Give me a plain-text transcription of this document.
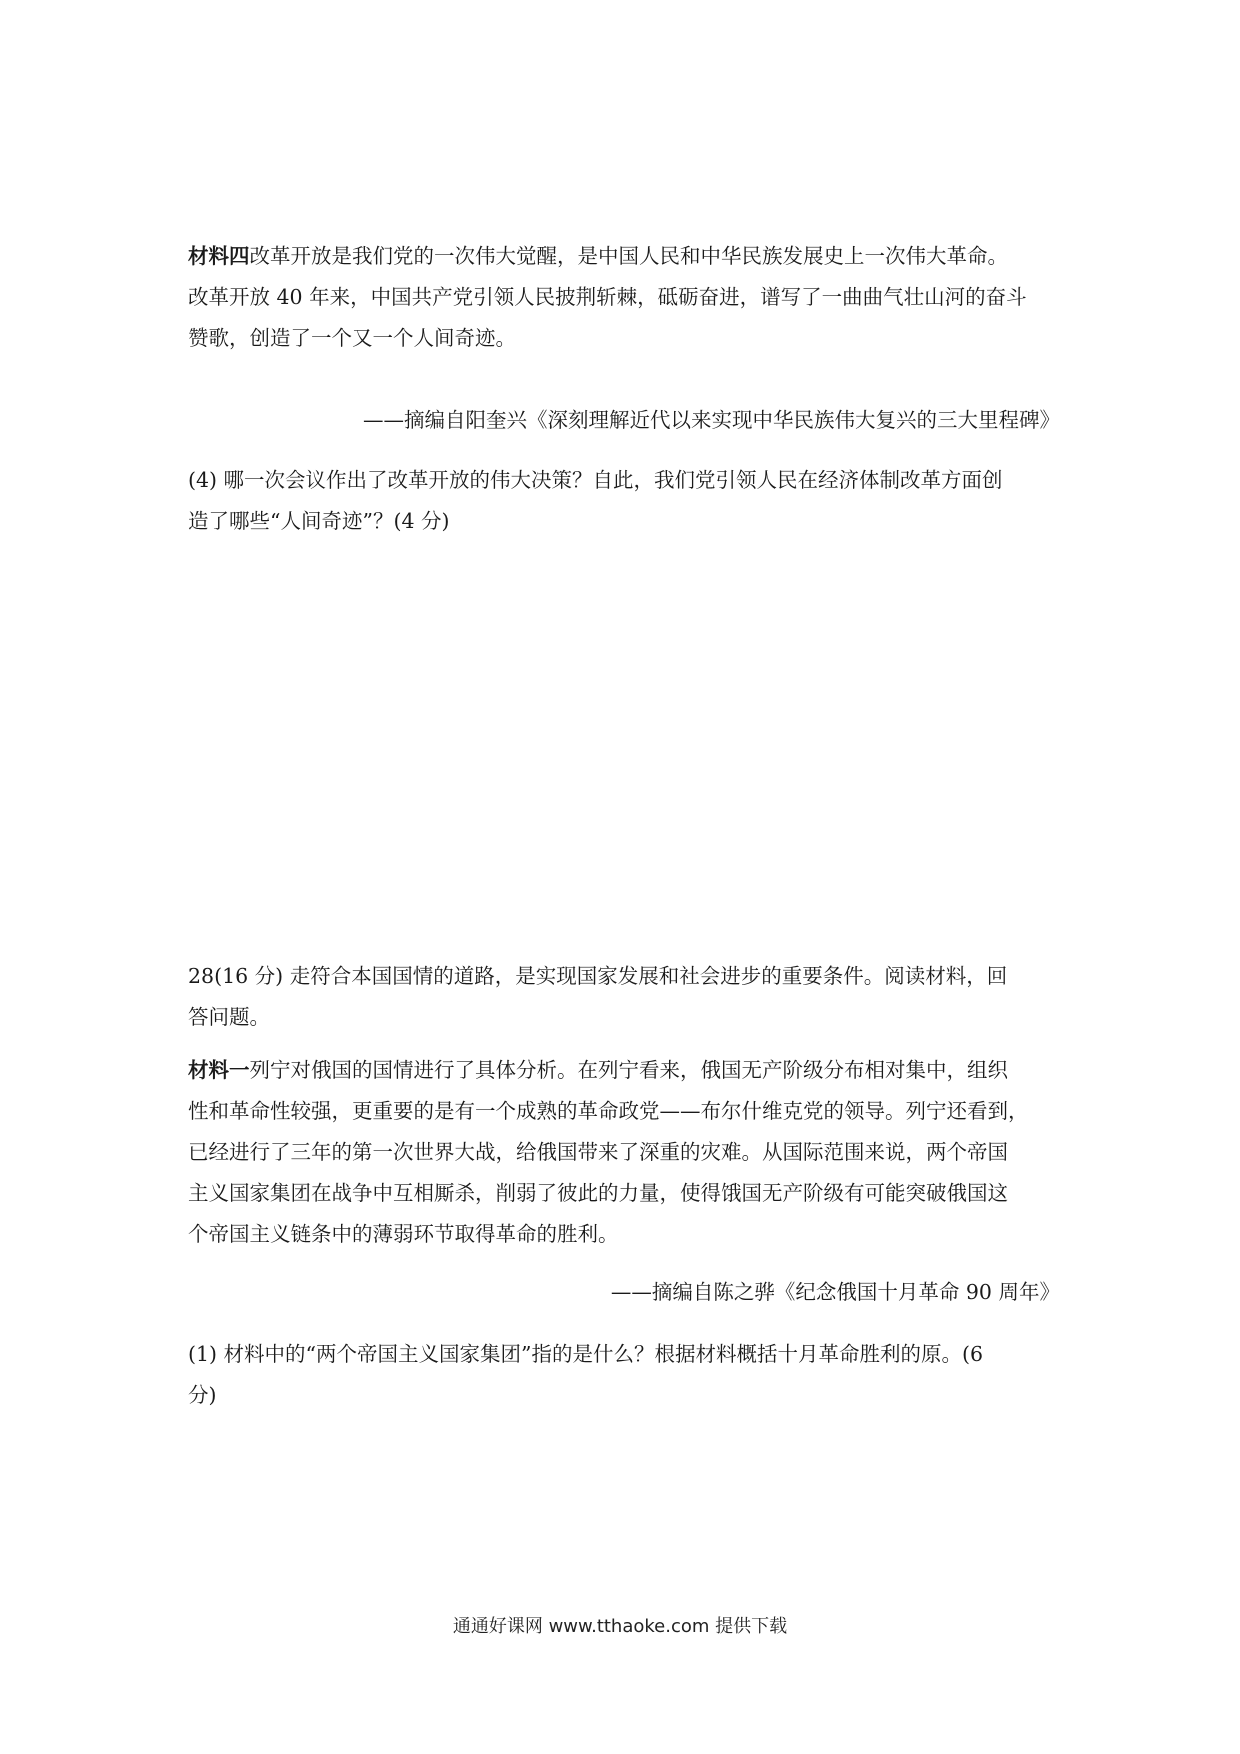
材料四改革开放是我们党的一次伟大觉醒，是中国人民和中华民族发展史上一次伟大革命。
改革开放 40 年来，中国共产党引领人民披荆斩棘，砥砺奋进，谱写了一曲曲气壮山河的奋斗
赞歌，创造了一个又一个人间奇迹。
——摘编自阳奎兴《深刻理解近代以来实现中华民族伟大复兴的三大里程碑》
(4) 哪一次会议作出了改革开放的伟大决策？自此，我们党引领人民在经济体制改革方面创
造了哪些“人间奇迹”？(4 分)
28(16 分) 走符合本国国情的道路，是实现国家发展和社会进步的重要条件。阅读材料，回
答问题。
材料一列宁对俄国的国情进行了具体分析。在列宁看来，俄国无产阶级分布相对集中，组织
性和革命性较强，更重要的是有一个成熟的革命政党——布尔什维克党的领导。列宁还看到，
已经进行了三年的第一次世界大战，给俄国带来了深重的灾难。从国际范围来说，两个帝国
主义国家集团在战争中互相厮杀，削弱了彼此的力量，使得饿国无产阶级有可能突破俄国这
个帝国主义链条中的薄弱环节取得革命的胜利。
——摘编自陈之骅《纪念俄国十月革命 90 周年》
(1) 材料中的“两个帝国主义国家集团”指的是什么？根据材料概括十月革命胜利的原。(6
分)
通通好课网 www.tthaoke.com 提供下载
